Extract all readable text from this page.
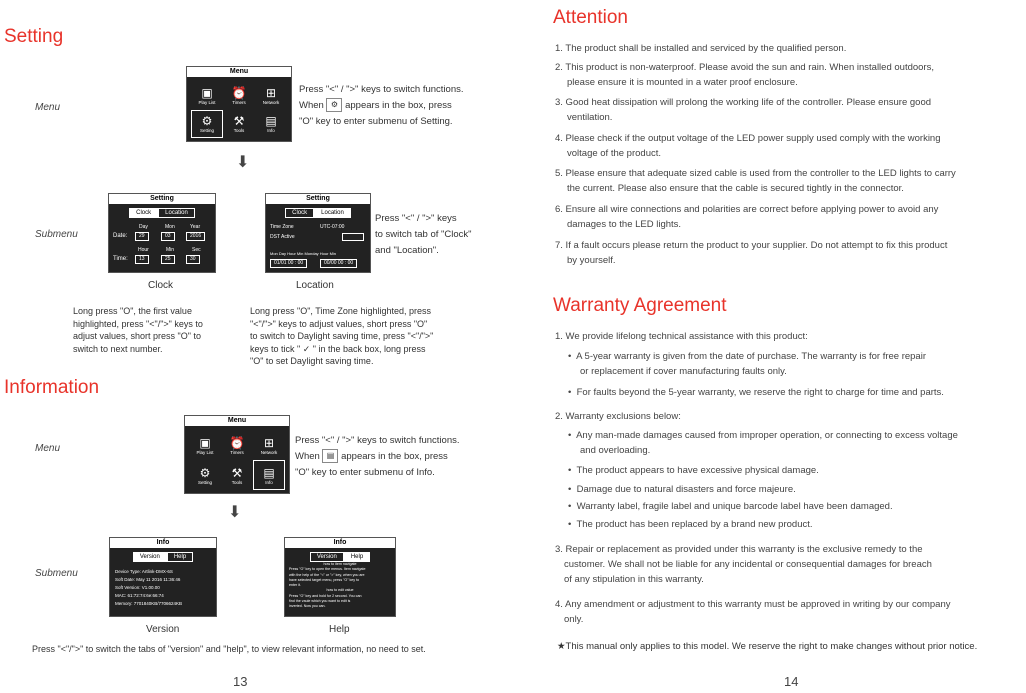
Setting
Menu
Menu
▣
Play List
⏰
Timers
⊞
Network
⚙
Setting
⚒
Tools
▤
Info
Press "<" / ">" keys to switch functions.
When ⚙ appears in the box, press
"O" key to enter submenu of Setting.
⬇
Submenu
Setting
Clock Location
Day	Mon	Year
Date:	29	03	2016
Hour	Min	Sec
Time:	13	25	30
Setting
Clock Location
Time Zone	UTC-07:00
DST Active
Mon Day Hour Min Monday Hour Min
01/01 00 : 00	00/00 00 : 00
Press "<" / ">" keys
to switch tab of "Clock"
and "Location".
Clock	Location
Long press "O", the first value
highlighted, press "<"/">" keys to
adjust values, short press "O" to
switch to next number.
Long press "O", Time Zone highlighted, press
"<"/">" keys to adjust values, short press "O"
to switch to Daylight saving time, press "<"/">"
keys to tick " ✓ " in the back box, long press
"O" to set Daylight saving time.
Information
Menu
Menu
▣
Play List
⏰
Timers
⊞
Network
⚙
Setting
⚒
Tools
▤
Info
Press "<" / ">" keys to switch functions.
When ▤ appears in the box, press
"O" key to enter submenu of Info.
⬇
Submenu
Info
Version Help
Device Type: Artlink-DMX-6S
Soft Date: May 11 2016 11:36:46
Soft Version: V1.00.00
MAC: 61:72:74:6e:66:74
Memory: 7701840KB/7706624KB
Info
Version Help
how to item navigate
Press "O" key to open the menus. Item navigate
with the help of the "<" or ">" key, when you are
have selected target menu, press "O" key to
enter it.
how to edit value
Press "O" key and hold for 2 second. You can
find the vaule which you want to edit is
inverted. Now you can.
Version	Help
Press "<"/">" to switch the tabs of "version" and "help", to view relevant information, no need to set.
13
Attention
1. The product shall be installed and serviced by the qualified person.
2. This product is non-waterproof. Please avoid the sun and rain. When installed outdoors,
please ensure it is mounted in a water proof enclosure.
3. Good heat dissipation will prolong the working life of the controller. Please ensure good
ventilation.
4. Please check if the output voltage of the LED power supply used comply with the working
voltage of the product.
5. Please ensure that adequate sized cable is used from the controller to the LED lights to carry
the current. Please also ensure that the cable is secured tightly in the connector.
6. Ensure all wire connections and polarities are correct before applying power to avoid any
damages to the LED lights.
7. If a fault occurs please return the product to your supplier. Do not attempt to fix this product
by yourself.
Warranty Agreement
1. We provide lifelong technical assistance with this product:
•  A 5-year warranty is given from the date of purchase. The warranty is for free repair
or replacement if cover manufacturing faults only.
•  For faults beyond the 5-year warranty, we reserve the right to charge for time and parts.
2. Warranty exclusions below:
•  Any man-made damages caused from improper operation, or connecting to excess voltage
and overloading.
•  The product appears to have excessive physical damage.
•  Damage due to natural disasters and force majeure.
•  Warranty label, fragile label and unique barcode label have been damaged.
•  The product has been replaced by a brand new product.
3. Repair or replacement as provided under this warranty is the exclusive remedy to the
customer. We shall not be liable for any incidental or consequential damages for breach
of any stipulation in this warranty.
4. Any amendment or adjustment to this warranty must be approved in writing by our company
only.
★This manual only applies to this model. We reserve the right to make changes without prior notice.
14
